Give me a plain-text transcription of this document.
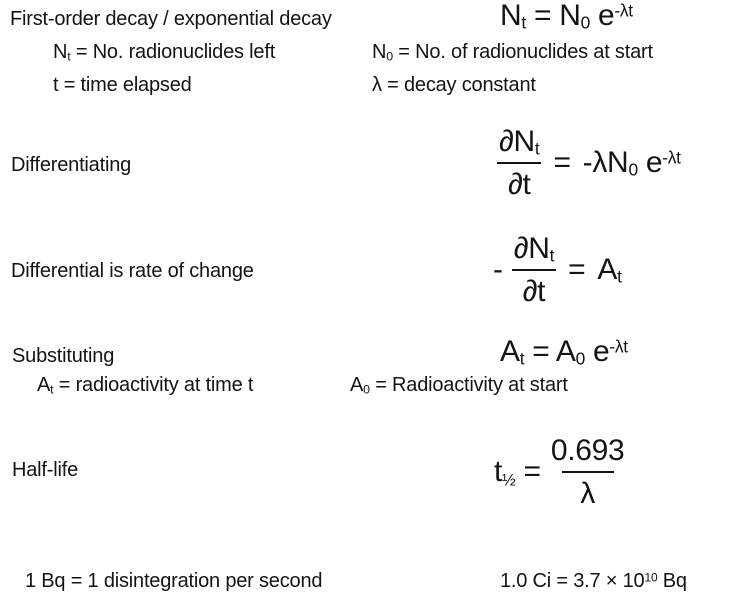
First-order decay / exponential decay	$N_t = N_0$ $e^{-\lambda t}$
$N_t = No$. radionuclides left	$N_0 = No$. of radionuclides at start
t = time elapsed	λ = decay constant
Differentiating	$\frac{\partial N_t}{\partial t} = -\lambda N_0$ $e^{-\lambda t}$
Differential is rate of change	- $\frac{\partial N_t}{\partial t} = A_t$
Substituting	$A_t = A_0$ $e^{-\lambda t}$
$A_t$ = radioactivity at time t	$A_0$ = Radioactivity at start
Half-life	$t_{\frac{1}{2}} = \frac{0.693}{\lambda}$
1 Bq = 1 disintegration per second	1.0 $Ci = 3.7 \times 10^{10}$ Bq
